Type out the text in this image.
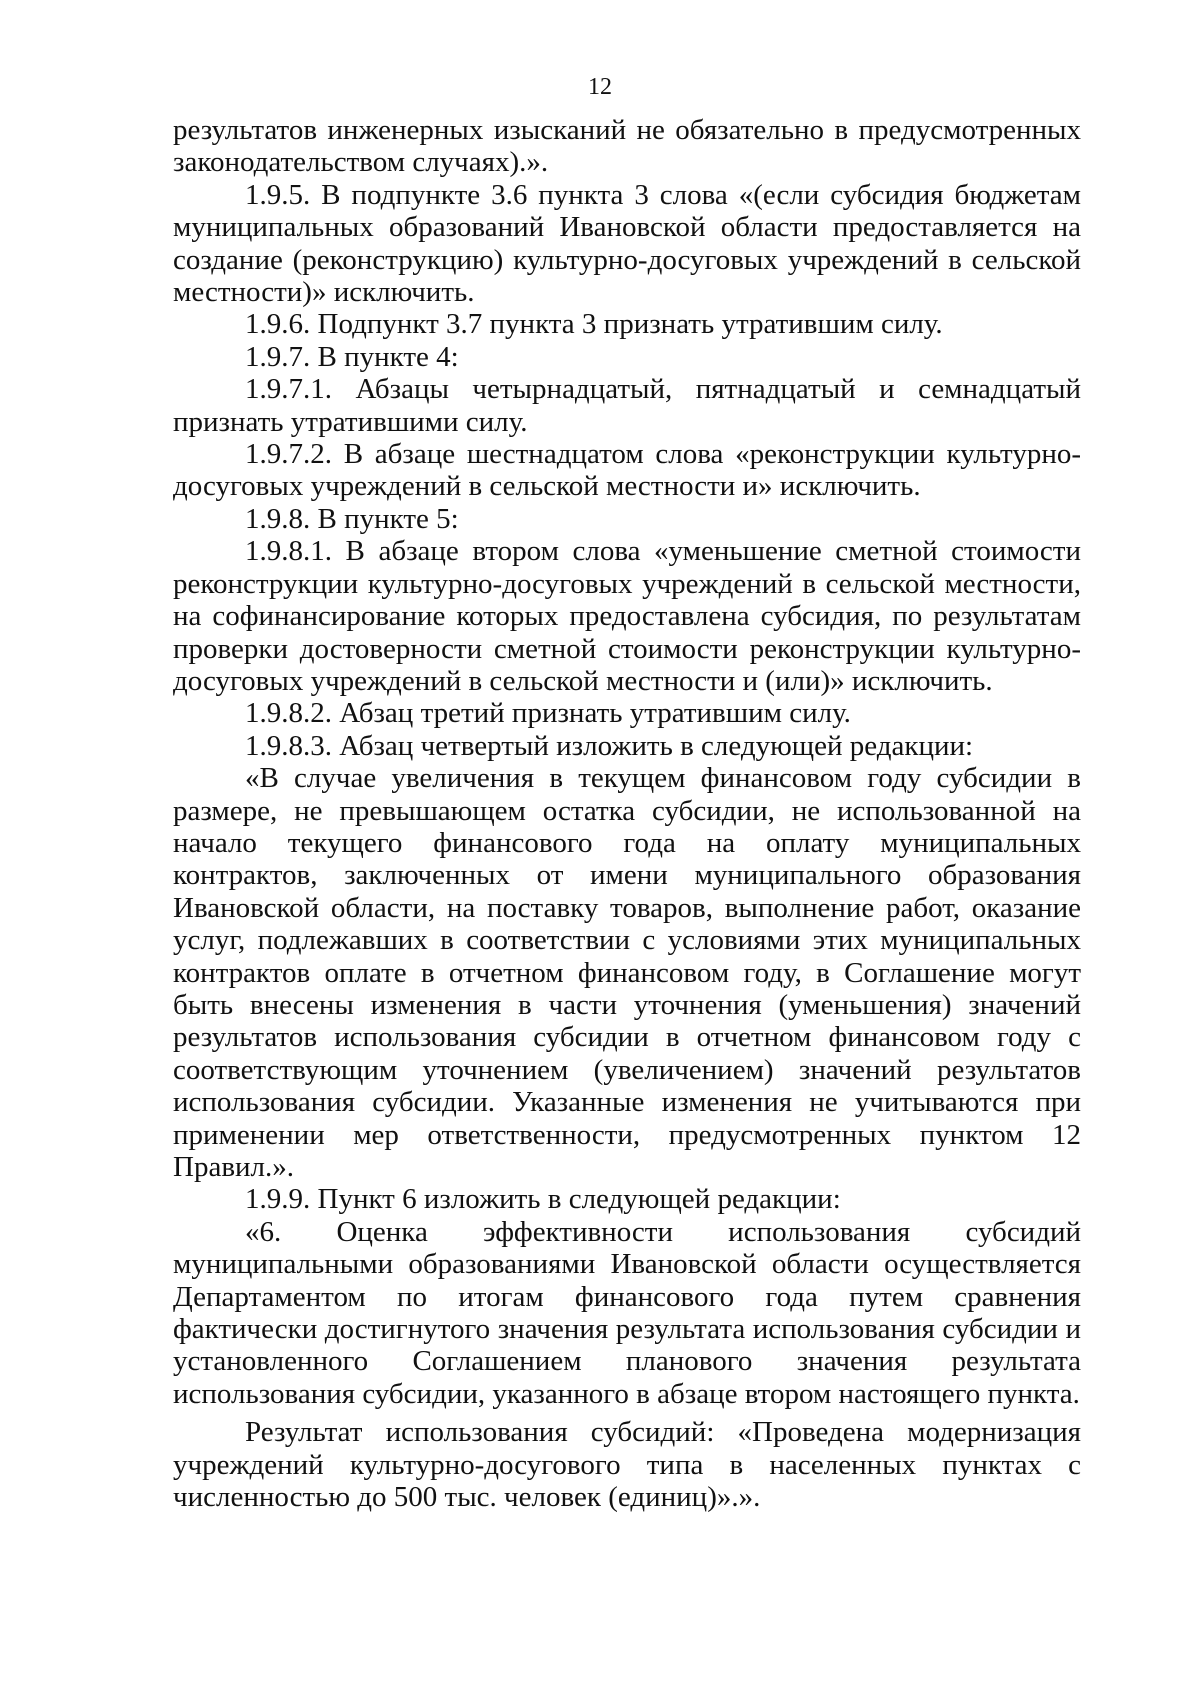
12

результатов инженерных изысканий не обязательно в предусмотренных законодательством случаях).».

1.9.5. В подпункте 3.6 пункта 3 слова «(если субсидия бюджетам муниципальных образований Ивановской области предоставляется на создание (реконструкцию) культурно-досуговых учреждений в сельской местности)» исключить.

1.9.6. Подпункт 3.7 пункта 3 признать утратившим силу.

1.9.7. В пункте 4:

1.9.7.1. Абзацы четырнадцатый, пятнадцатый и семнадцатый признать утратившими силу.

1.9.7.2. В абзаце шестнадцатом слова «реконструкции культурно-досуговых учреждений в сельской местности и» исключить.

1.9.8. В пункте 5:

1.9.8.1. В абзаце втором слова «уменьшение сметной стоимости реконструкции культурно-досуговых учреждений в сельской местности, на софинансирование которых предоставлена субсидия, по результатам проверки достоверности сметной стоимости реконструкции культурно-досуговых учреждений в сельской местности и (или)» исключить.

1.9.8.2. Абзац третий признать утратившим силу.

1.9.8.3. Абзац четвертый изложить в следующей редакции:

«В случае увеличения в текущем финансовом году субсидии в размере, не превышающем остатка субсидии, не использованной на начало текущего финансового года на оплату муниципальных контрактов, заключенных от имени муниципального образования Ивановской области, на поставку товаров, выполнение работ, оказание услуг, подлежавших в соответствии с условиями этих муниципальных контрактов оплате в отчетном финансовом году, в Соглашение могут быть внесены изменения в части уточнения (уменьшения) значений результатов использования субсидии в отчетном финансовом году с соответствующим уточнением (увеличением) значений результатов использования субсидии. Указанные изменения не учитываются при применении мер ответственности, предусмотренных пунктом 12 Правил.».

1.9.9. Пункт 6 изложить в следующей редакции:

«6. Оценка эффективности использования субсидий муниципальными образованиями Ивановской области осуществляется Департаментом по итогам финансового года путем сравнения фактически достигнутого значения результата использования субсидии и установленного Соглашением планового значения результата использования субсидии, указанного в абзаце втором настоящего пункта.

Результат использования субсидий: «Проведена модернизация учреждений культурно-досугового типа в населенных пунктах с численностью до 500 тыс. человек (единиц)».».
